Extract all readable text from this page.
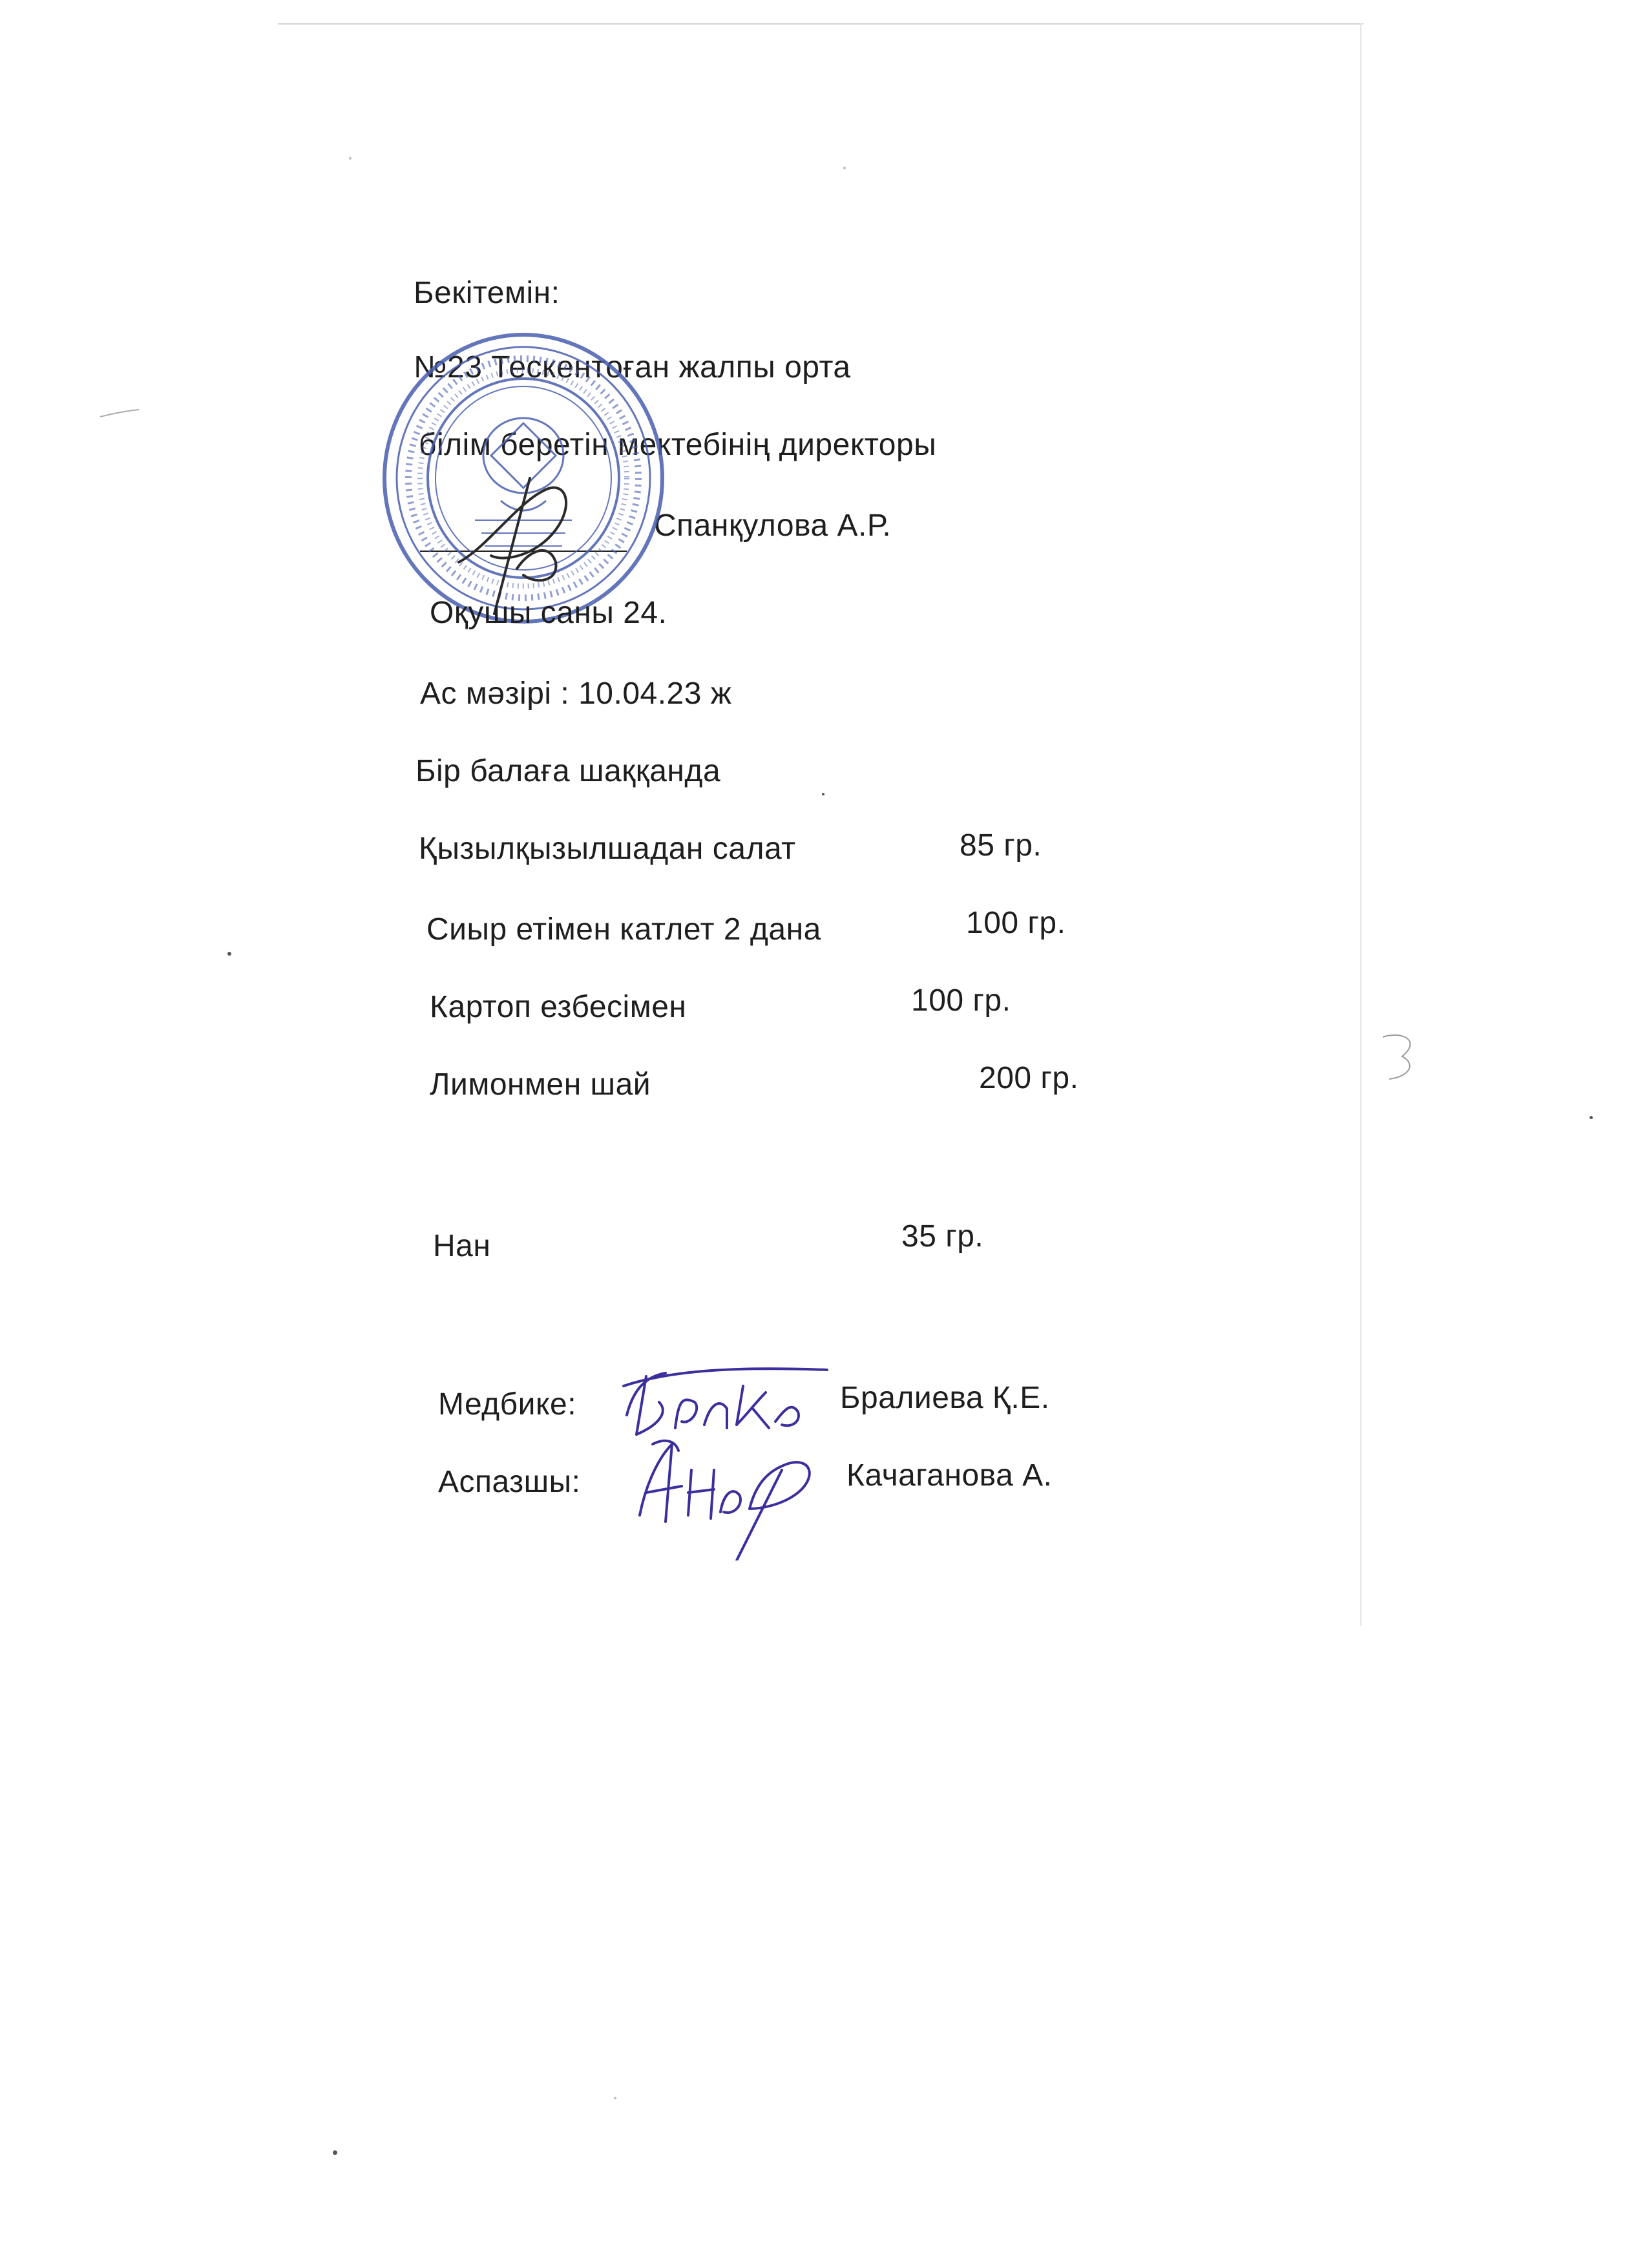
Бекітемін:
№23 Тескентоған жалпы орта
білім беретін мектебінің директоры
Спанқулова А.Р.
Оқушы саны 24.
Ас мәзірі : 10.04.23 ж
Бір балаға шаққанда
Қызылқызылшадан салат	85 гр.
Сиыр етімен катлет 2 дана	100 гр.
Картоп езбесімен	100 гр.
Лимонмен шай	200 гр.
Нан	35 гр.
Медбике:	Бралиева Қ.Е.
Аспазшы:	Качаганова А.
